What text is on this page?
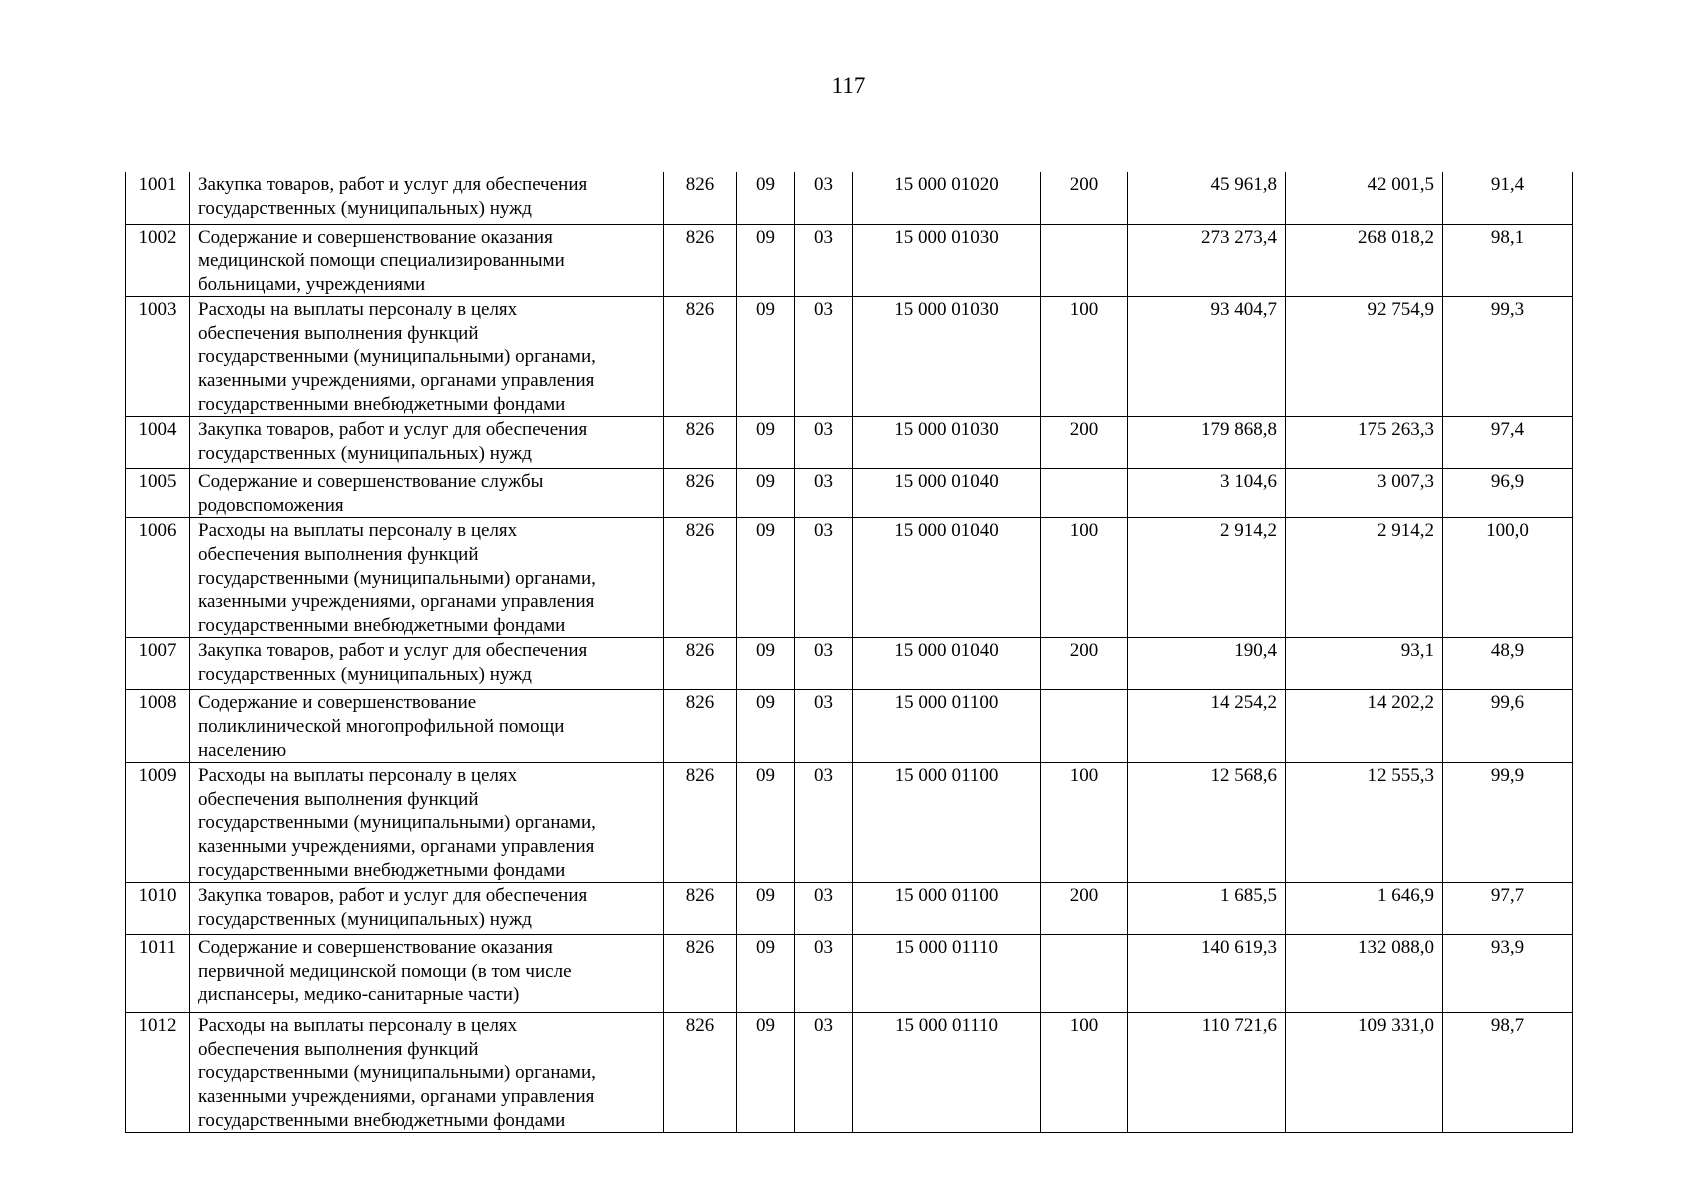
117
1001	Закупка товаров, работ и услуг для обеспечения
государственных (муниципальных) нужд	826	09	03	15 000 01020	200	45 961,8	42 001,5	91,4
1002	Содержание и совершенствование оказания
медицинской помощи специализированными
больницами, учреждениями	826	09	03	15 000 01030		273 273,4	268 018,2	98,1
1003	Расходы на выплаты персоналу в целях
обеспечения выполнения функций
государственными (муниципальными) органами,
казенными учреждениями, органами управления
государственными внебюджетными фондами	826	09	03	15 000 01030	100	93 404,7	92 754,9	99,3
1004	Закупка товаров, работ и услуг для обеспечения
государственных (муниципальных) нужд	826	09	03	15 000 01030	200	179 868,8	175 263,3	97,4
1005	Содержание и совершенствование службы
родовспоможения	826	09	03	15 000 01040		3 104,6	3 007,3	96,9
1006	Расходы на выплаты персоналу в целях
обеспечения выполнения функций
государственными (муниципальными) органами,
казенными учреждениями, органами управления
государственными внебюджетными фондами	826	09	03	15 000 01040	100	2 914,2	2 914,2	100,0
1007	Закупка товаров, работ и услуг для обеспечения
государственных (муниципальных) нужд	826	09	03	15 000 01040	200	190,4	93,1	48,9
1008	Содержание и совершенствование
поликлинической многопрофильной помощи
населению	826	09	03	15 000 01100		14 254,2	14 202,2	99,6
1009	Расходы на выплаты персоналу в целях
обеспечения выполнения функций
государственными (муниципальными) органами,
казенными учреждениями, органами управления
государственными внебюджетными фондами	826	09	03	15 000 01100	100	12 568,6	12 555,3	99,9
1010	Закупка товаров, работ и услуг для обеспечения
государственных (муниципальных) нужд	826	09	03	15 000 01100	200	1 685,5	1 646,9	97,7
1011	Содержание и совершенствование оказания
первичной медицинской помощи (в том числе
диспансеры, медико-санитарные части)	826	09	03	15 000 01110		140 619,3	132 088,0	93,9
1012	Расходы на выплаты персоналу в целях
обеспечения выполнения функций
государственными (муниципальными) органами,
казенными учреждениями, органами управления
государственными внебюджетными фондами	826	09	03	15 000 01110	100	110 721,6	109 331,0	98,7
